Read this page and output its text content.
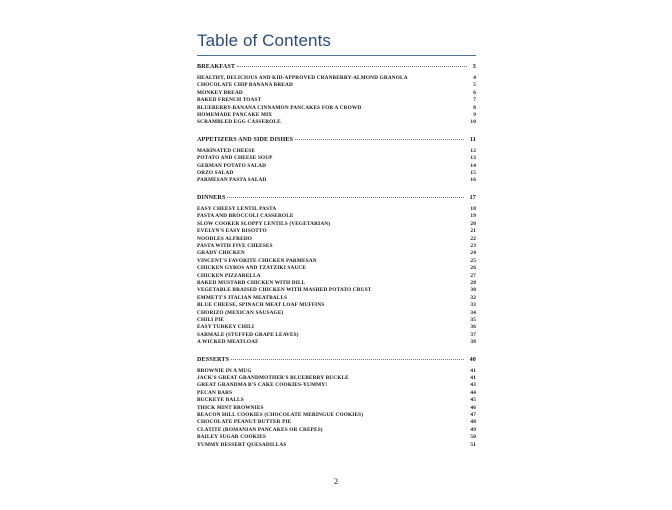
Table of Contents
BREAKFAST	3
HEALTHY, DELICIOUS AND KID-APPROVED CRANBERRY-ALMOND GRANOLA	4
CHOCOLATE CHIP BANANA BREAD	5
MONKEY BREAD	6
BAKED FRENCH TOAST	7
BLUEBERRY-BANANA CINNAMON PANCAKES FOR A CROWD	8
HOMEMADE PANCAKE MIX	9
SCRAMBLED EGG CASSEROLE	10
APPETIZERS AND SIDE DISHES	11
MARINATED CHEESE	12
POTATO AND CHEESE SOUP	13
GERMAN POTATO SALAD	14
ORZO SALAD	15
PARMESAN PASTA SALAD	16
DINNERS	17
EASY CHEESY LENTIL PASTA	18
PASTA AND BROCCOLI CASSEROLE	19
SLOW COOKER SLOPPY LENTILS (VEGETARIAN)	20
EVELYN'S EASY RISOTTO	21
NOODLES ALFREDO	22
PASTA WITH FIVE CHEESES	23
GRADY CHICKEN	24
VINCENT'S FAVORITE CHICKEN PARMESAN	25
CHICKEN GYROS AND TZATZIKI SAUCE	26
CHICKEN PIZZARELLA	27
BAKED MUSTARD CHICKEN WITH DILL	28
VEGETABLE BRAISED CHICKEN WITH MASHED POTATO CRUST	30
EMMETT'S ITALIAN MEATBALLS	32
BLUE CHEESE, SPINACH MEAT LOAF MUFFINS	33
CHORIZO (MEXICAN SAUSAGE)	34
CHILI PIE	35
EASY TURKEY CHILI	36
SARMALE (STUFFED GRAPE LEAVES)	37
A WICKED MEATLOAF	38
DESSERTS	40
BROWNIE IN A MUG	41
JACK'S GREAT GRANDMOTHER'S BLUEBERRY BUCKLE	41
GREAT GRANDMA B'S CAKE COOKIES-YUMMY!	43
PECAN BARS	44
BUCKEYE BALLS	45
THICK MINT BROWNIES	46
BEACON HILL COOKIES (CHOCOLATE MERINGUE COOKIES)	47
CHOCOLATE PEANUT BUTTER PIE	48
CLATITE (ROMANIAN PANCAKES OR CREPES)	49
BAILEY SUGAR COOKIES	50
YUMMY DESSERT QUESADILLAS	51
2
